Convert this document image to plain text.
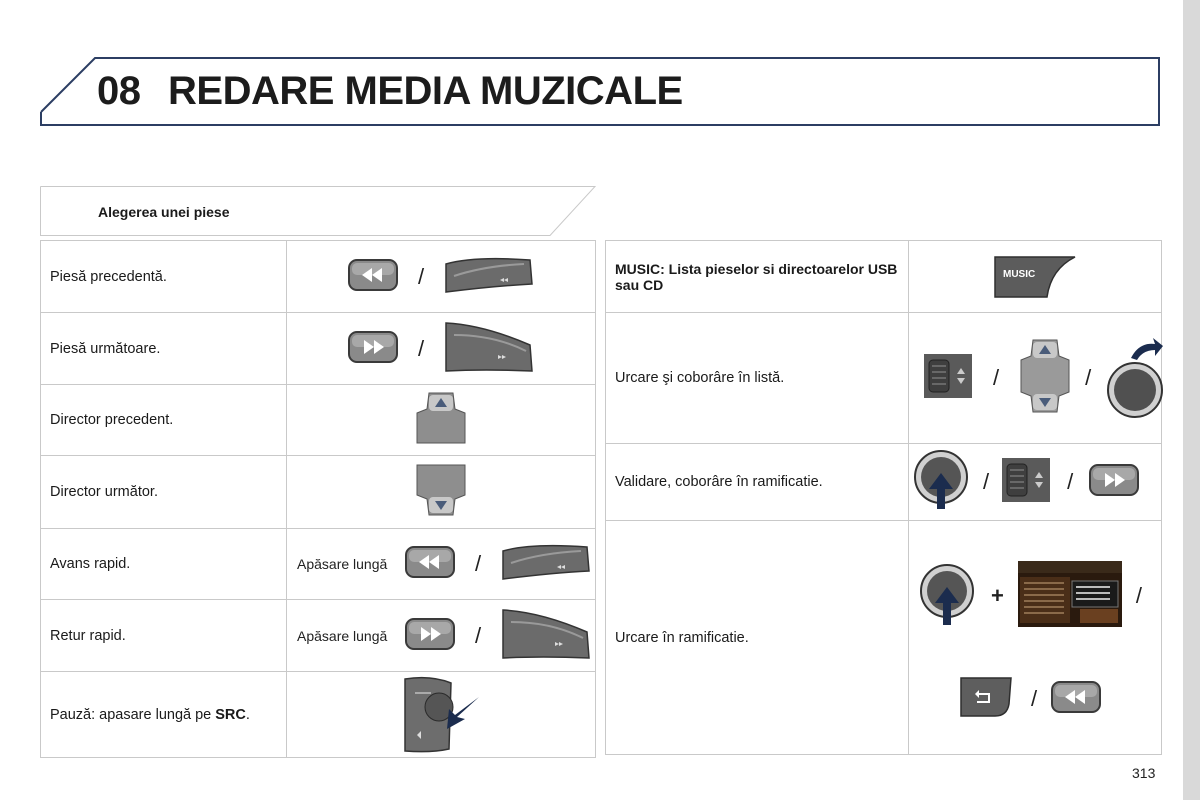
08 REDARE MEDIA MUZICALE
Alegerea unei piese
Piesă precedentă.	/

Piesă următoare.	/

Director precedent.	

Director următor.	

Avans rapid.	Apăsare lungă /

Retur rapid.	Apăsare lungă /

Pauză: apasare lungă pe SRC.	
MUSIC: Lista pieselor si directoarelor USB sau CD	MUSIC

Urcare şi coborâre în listă.	/ /

Validare, coborâre în ramificatie.	/ /

Urcare în ramificatie.	+ /
/
313
